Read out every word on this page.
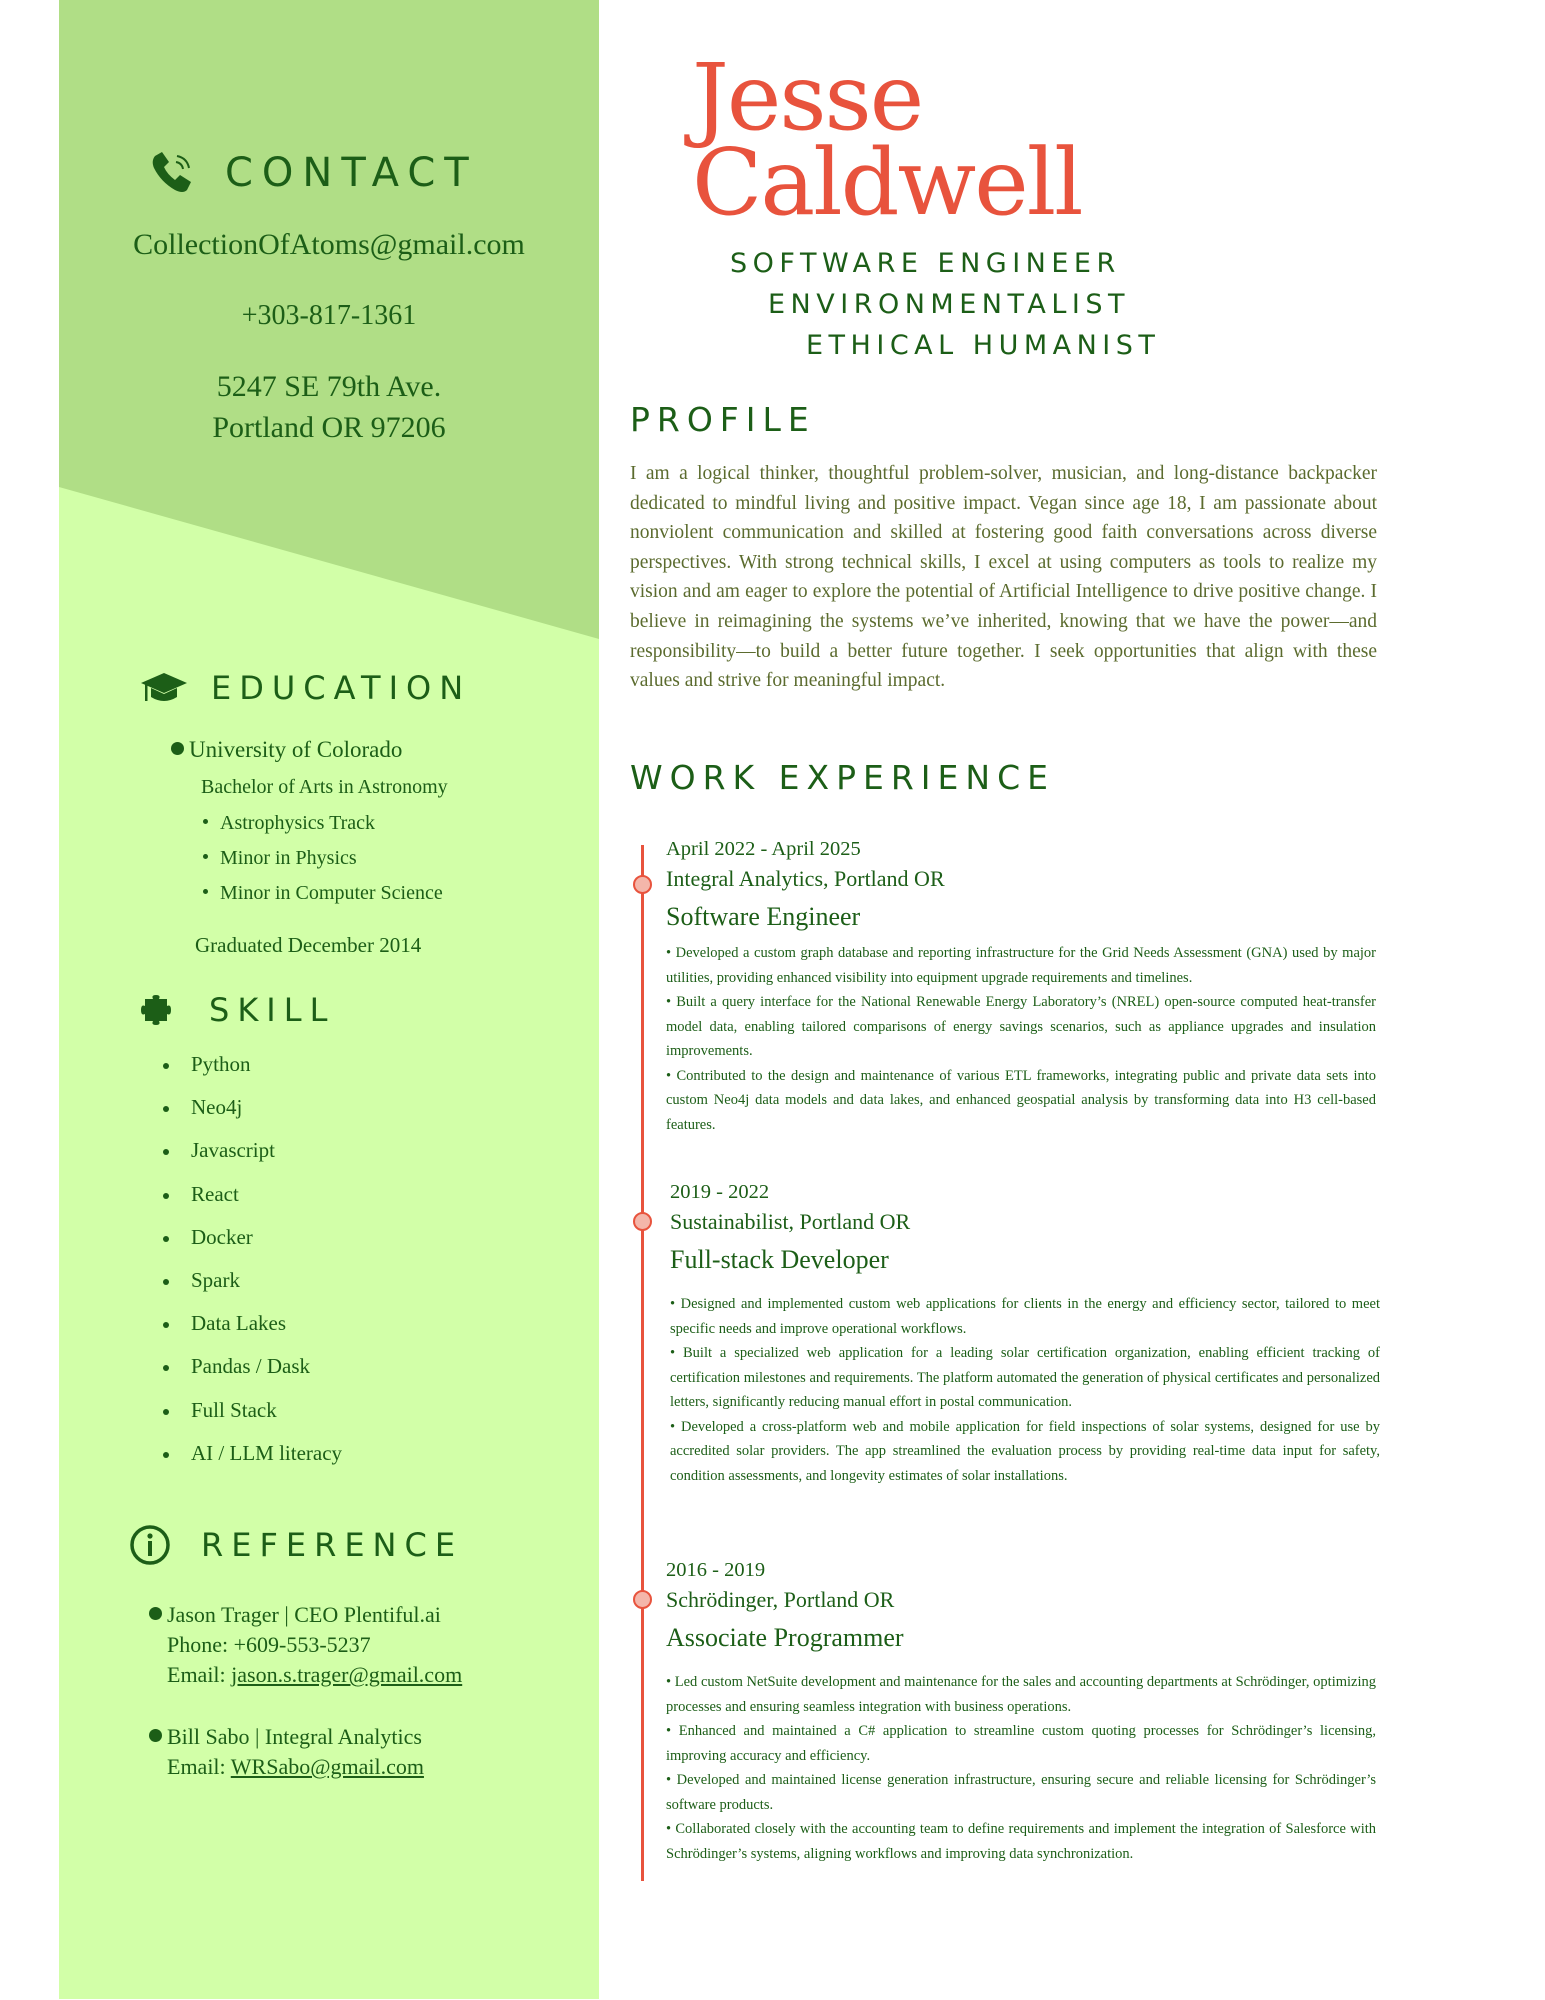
CONTACT
CollectionOfAtoms@gmail.com
+303-817-1361
5247 SE 79th Ave.
Portland OR 97206
EDUCATION
University of Colorado
Bachelor of Arts in Astronomy
Astrophysics Track
Minor in Physics
Minor in Computer Science
Graduated December 2014
SKILL
Python
Neo4j
Javascript
React
Docker
Spark
Data Lakes
Pandas / Dask
Full Stack
AI / LLM literacy
REFERENCE
Jason Trager | CEO Plentiful.ai
Phone: +609-553-5237
Email: jason.s.trager@gmail.com
Bill Sabo | Integral Analytics
Email: WRSabo@gmail.com
Jesse
Caldwell
SOFTWARE ENGINEER
ENVIRONMENTALIST
ETHICAL HUMANIST
PROFILE
I am a logical thinker, thoughtful problem-solver, musician, and long-distance backpacker dedicated to mindful living and positive impact. Vegan since age 18, I am passionate about nonviolent communication and skilled at fostering good faith conversations across diverse perspectives. With strong technical skills, I excel at using computers as tools to realize my vision and am eager to explore the potential of Artificial Intelligence to drive positive change. I believe in reimagining the systems we’ve inherited, knowing that we have the power—and responsibility—to build a better future together. I seek opportunities that align with these values and strive for meaningful impact.
WORK EXPERIENCE
April 2022 - April 2025
Integral Analytics, Portland OR
Software Engineer

• Developed a custom graph database and reporting infrastructure for the Grid Needs Assessment (GNA) used by major utilities, providing enhanced visibility into equipment upgrade requirements and timelines.

• Built a query interface for the National Renewable Energy Laboratory’s (NREL) open-source computed heat-transfer model data, enabling tailored comparisons of energy savings scenarios, such as appliance upgrades and insulation improvements.

• Contributed to the design and maintenance of various ETL frameworks, integrating public and private data sets into custom Neo4j data models and data lakes, and enhanced geospatial analysis by transforming data into H3 cell-based features.

2019 - 2022
Sustainabilist, Portland OR
Full-stack Developer

• Designed and implemented custom web applications for clients in the energy and efficiency sector, tailored to meet specific needs and improve operational workflows.

• Built a specialized web application for a leading solar certification organization, enabling efficient tracking of certification milestones and requirements. The platform automated the generation of physical certificates and personalized letters, significantly reducing manual effort in postal communication.

• Developed a cross-platform web and mobile application for field inspections of solar systems, designed for use by accredited solar providers. The app streamlined the evaluation process by providing real-time data input for safety, condition assessments, and longevity estimates of solar installations.

2016 - 2019
Schrödinger, Portland OR
Associate Programmer

• Led custom NetSuite development and maintenance for the sales and accounting departments at Schrödinger, optimizing processes and ensuring seamless integration with business operations.

• Enhanced and maintained a C# application to streamline custom quoting processes for Schrödinger’s licensing, improving accuracy and efficiency.

• Developed and maintained license generation infrastructure, ensuring secure and reliable licensing for Schrödinger’s software products.

• Collaborated closely with the accounting team to define requirements and implement the integration of Salesforce with Schrödinger’s systems, aligning workflows and improving data synchronization.
